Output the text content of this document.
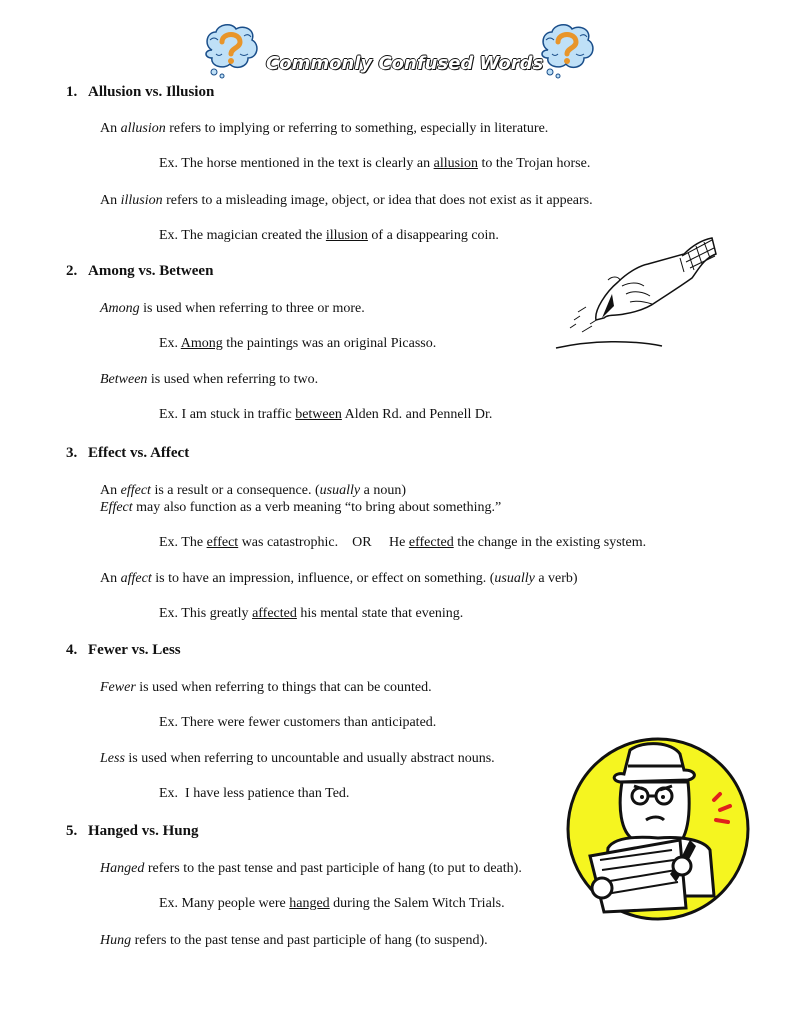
Commonly Confused Words
1. Allusion vs. Illusion
An allusion refers to implying or referring to something, especially in literature.
Ex. The horse mentioned in the text is clearly an allusion to the Trojan horse.
An illusion refers to a misleading image, object, or idea that does not exist as it appears.
Ex. The magician created the illusion of a disappearing coin.
2. Among vs. Between
Among is used when referring to three or more.
Ex. Among the paintings was an original Picasso.
Between is used when referring to two.
Ex. I am stuck in traffic between Alden Rd. and Pennell Dr.
3. Effect vs. Affect
An effect is a result or a consequence. (usually a noun)
Effect may also function as a verb meaning “to bring about something.”
Ex. The effect was catastrophic.    OR     He effected the change in the existing system.
An affect is to have an impression, influence, or effect on something. (usually a verb)
Ex. This greatly affected his mental state that evening.
4. Fewer vs. Less
Fewer is used when referring to things that can be counted.
Ex. There were fewer customers than anticipated.
Less is used when referring to uncountable and usually abstract nouns.
Ex.  I have less patience than Ted.
5. Hanged vs. Hung
Hanged refers to the past tense and past participle of hang (to put to death).
Ex. Many people were hanged during the Salem Witch Trials.
Hung refers to the past tense and past participle of hang (to suspend).
